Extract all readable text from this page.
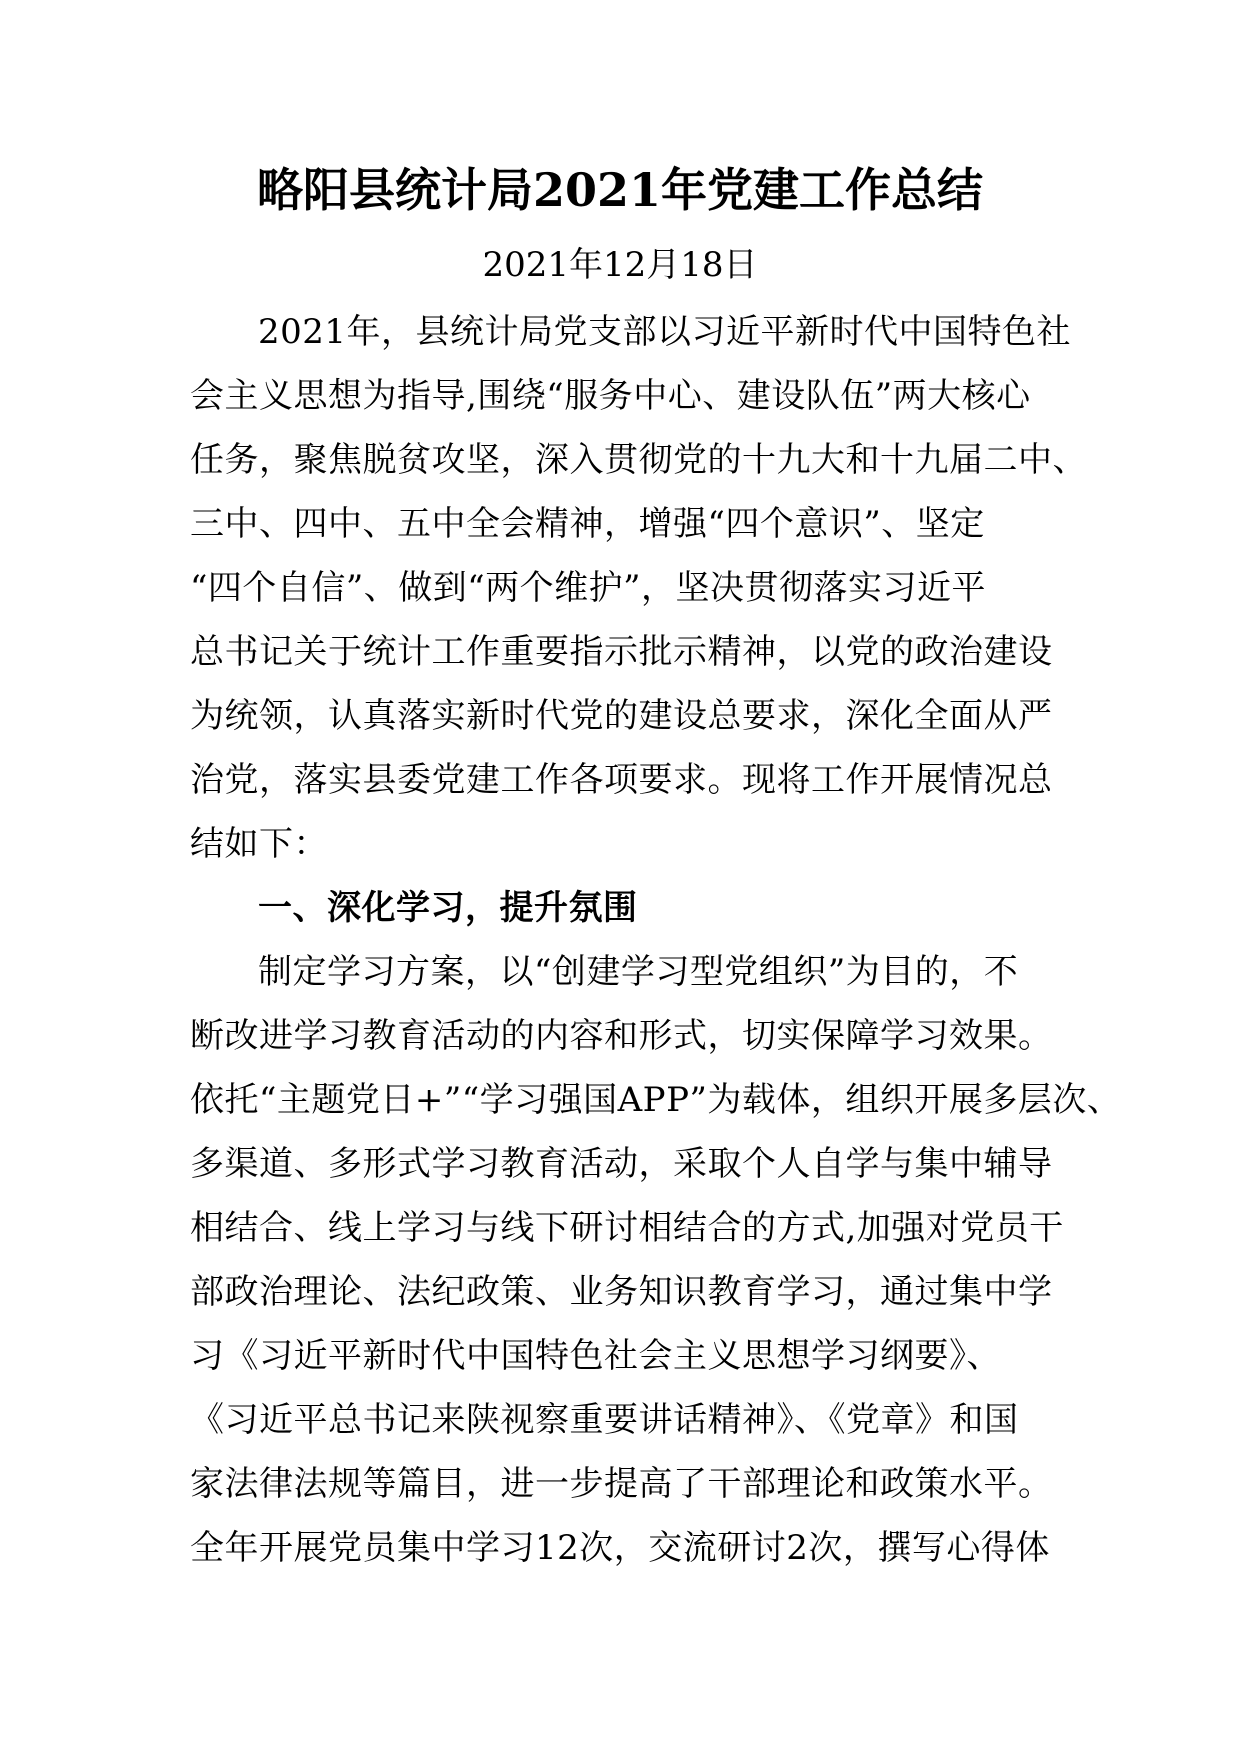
略阳县统计局2021年党建工作总结
2021年12月18日
2021年，县统计局党支部以习近平新时代中国特色社
会主义思想为指导,围绕“服务中心、建设队伍”两大核心
任务，聚焦脱贫攻坚，深入贯彻党的十九大和十九届二中、
三中、四中、五中全会精神，增强“四个意识”、坚定
“四个自信”、做到“两个维护”，坚决贯彻落实习近平
总书记关于统计工作重要指示批示精神，以党的政治建设
为统领，认真落实新时代党的建设总要求，深化全面从严
治党，落实县委党建工作各项要求。现将工作开展情况总
结如下：
一、深化学习，提升氛围
制定学习方案，以“创建学习型党组织”为目的，不
断改进学习教育活动的内容和形式，切实保障学习效果。
依托“主题党日+”“学习强国APP”为载体，组织开展多层次、
多渠道、多形式学习教育活动，采取个人自学与集中辅导
相结合、线上学习与线下研讨相结合的方式,加强对党员干
部政治理论、法纪政策、业务知识教育学习，通过集中学
习《习近平新时代中国特色社会主义思想学习纲要》、
《习近平总书记来陕视察重要讲话精神》、《党章》和国
家法律法规等篇目，进一步提高了干部理论和政策水平。
全年开展党员集中学习12次，交流研讨2次，撰写心得体
